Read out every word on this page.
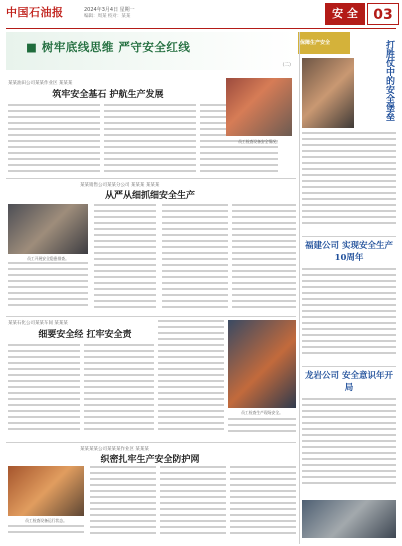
中国石油报	2024年3月4日 星期一
编辑：周某 校对：某某	安 全	03
■ 树牢底线思维 严守安全红线
（二）
保障生产安全	打胜仗中的安全堡垒
某某油田公司某某作业区 某某某
筑牢安全基石 护航生产发展
员工检查设备安全情况。
某某销售公司某某分公司 某某某 某某某
从严从细抓细安全生产
员工开展安全隐患排查。
某某石化公司某某车间 某某某
细要安全经 扛牢安全责
员工检查生产现场安全。
某某某某公司某某某作业区 某某某
织密扎牢生产安全防护网
员工检查设备运行状态。
福建公司 实现安全生产10周年
龙岩公司 安全意识年开局
